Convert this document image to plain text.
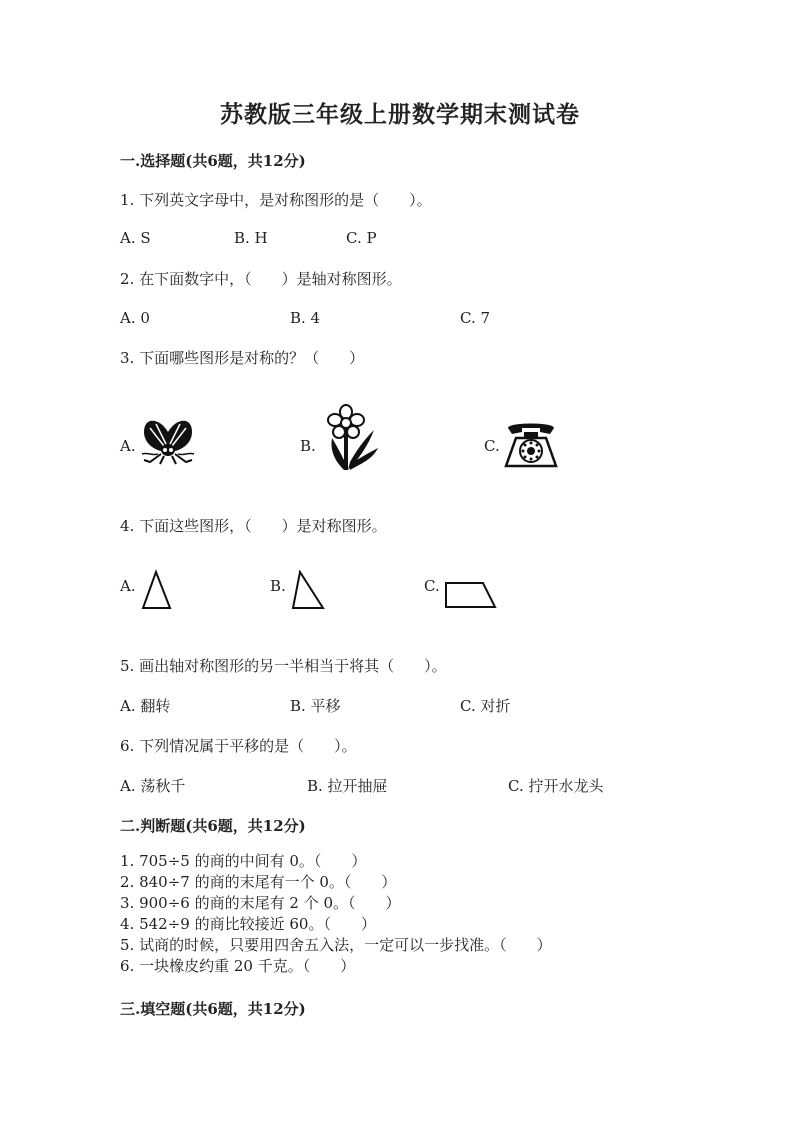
苏教版三年级上册数学期末测试卷
一.选择题(共6题，共12分)
1. 下列英文字母中，是对称图形的是（　　）。
A. S	B. H	C. P
2. 在下面数字中，（　　）是轴对称图形。
A. 0	B. 4	C. 7
3. 下面哪些图形是对称的？（　　）
A.	B.	C.
4. 下面这些图形，（　　）是对称图形。
A.	B.	C.
5. 画出轴对称图形的另一半相当于将其（　　）。
A. 翻转	B. 平移	C. 对折
6. 下列情况属于平移的是（　　）。
A. 荡秋千	B. 拉开抽屉	C. 拧开水龙头
二.判断题(共6题，共12分)
1. 705÷5 的商的中间有 0。（　　）
2. 840÷7 的商的末尾有一个 0。（　　）
3. 900÷6 的商的末尾有 2 个 0。（　　）
4. 542÷9 的商比较接近 60。（　　）
5. 试商的时候，只要用四舍五入法，一定可以一步找准。（　　）
6. 一块橡皮约重 20 千克。（　　）
三.填空题(共6题，共12分)
